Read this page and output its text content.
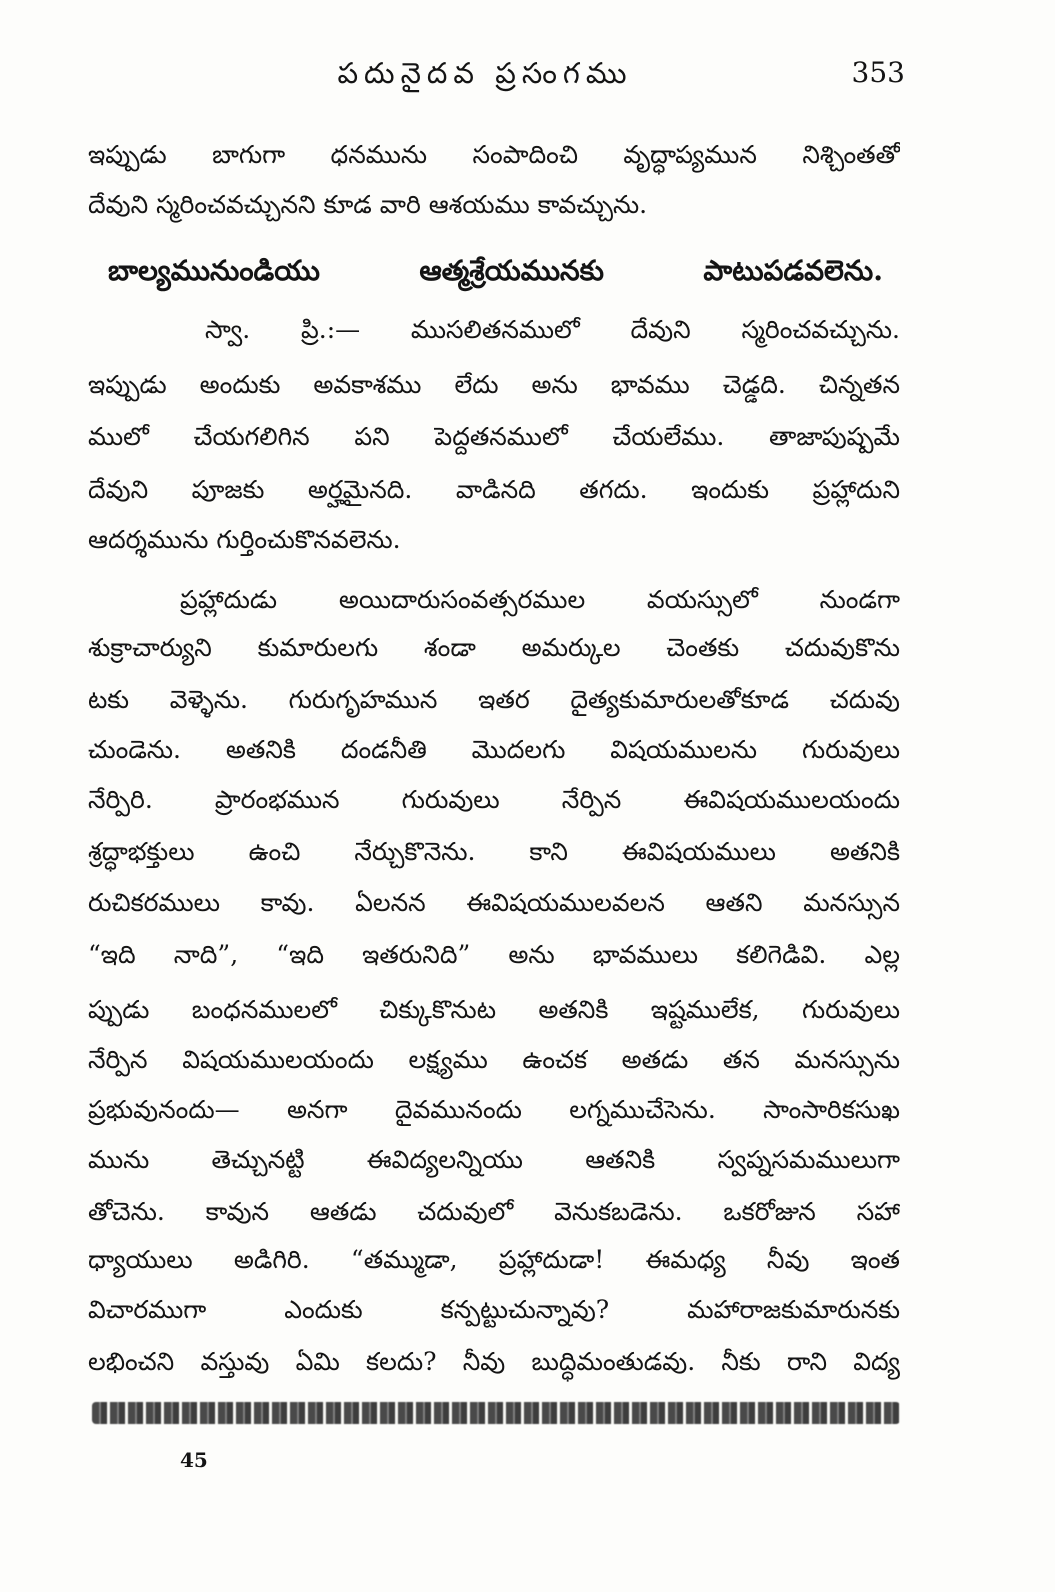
పదునైదవ ప్రసంగము	353
ఇప్పుడు బాగుగా ధనమును సంపాదించి వృద్ధాప్యమున నిశ్చింతతో
దేవుని స్మరించవచ్చునని కూడ వారి ఆశయము కావచ్చును.
బాల్యమునుండియు ఆత్మశ్రేయమునకు పాటుపడవలెను.
స్వా. ప్రి.:— ముసలితనములో దేవుని స్మరించవచ్చును.
ఇప్పుడు అందుకు అవకాశము లేదు అను భావము చెడ్డది. చిన్నతన
ములో చేయగలిగిన పని పెద్దతనములో చేయలేము. తాజాపుష్పమే
దేవుని పూజకు అర్హమైనది. వాడినది తగదు. ఇందుకు ప్రహ్లాదుని
ఆదర్శమును గుర్తించుకొనవలెను.
ప్రహ్లాదుడు అయిదారుసంవత్సరముల వయస్సులో నుండగా
శుక్రాచార్యుని కుమారులగు శండా అమర్కుల చెంతకు చదువుకొను
టకు వెళ్ళెను. గురుగృహమున ఇతర దైత్యకుమారులతోకూడ చదువు
చుండెను. అతనికి దండనీతి మొదలగు విషయములను గురువులు
నేర్పిరి. ప్రారంభమున గురువులు నేర్పిన ఈవిషయములయందు
శ్రద్ధాభక్తులు ఉంచి నేర్చుకొనెను. కాని ఈవిషయములు అతనికి
రుచికరములు కావు. ఏలనన ఈవిషయములవలన ఆతని మనస్సున
“ఇది నాది”, “ఇది ఇతరునిది” అను భావములు కలిగెడివి. ఎల్ల
ప్పుడు బంధనములలో చిక్కుకొనుట అతనికి ఇష్టములేక, గురువులు
నేర్పిన విషయములయందు లక్ష్యము ఉంచక అతడు తన మనస్సును
ప్రభువునందు— అనగా దైవమునందు లగ్నముచేసెను. సాంసారికసుఖ
మును తెచ్చునట్టి ఈవిద్యలన్నియు ఆతనికి స్వప్నసమములుగా
తోచెను. కావున ఆతడు చదువులో వెనుకబడెను. ఒకరోజున సహా
ధ్యాయులు అడిగిరి. “తమ్ముడా, ప్రహ్లాదుడా! ఈమధ్య నీవు ఇంత
విచారముగా ఎందుకు కన్పట్టుచున్నావు? మహారాజకుమారునకు
లభించని వస్తువు ఏమి కలదు? నీవు బుద్ధిమంతుడవు. నీకు రాని విద్య
45
